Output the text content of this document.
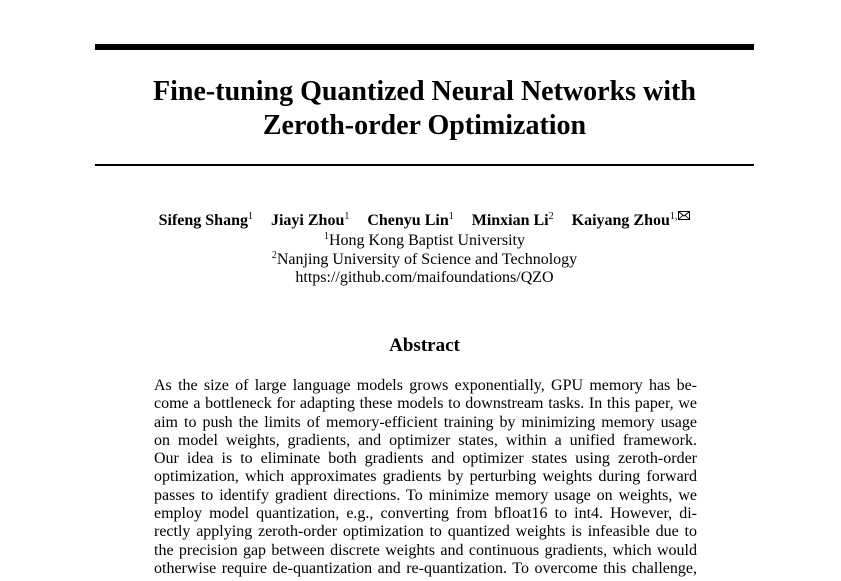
Fine-tuning Quantized Neural Networks with
Zeroth-order Optimization
Sifeng Shang$^1$ Jiayi Zhou$^1$ Chenyu Lin$^1$ Minxian Li$^2$ Kaiyang Zhou$^{1,}$
$^1$Hong Kong Baptist University
$^2$Nanjing University of Science and Technology
https://github.com/maifoundations/QZO
Abstract
As the size of large language models grows exponentially, GPU memory has be-
come a bottleneck for adapting these models to downstream tasks. In this paper, we
aim to push the limits of memory-efficient training by minimizing memory usage
on model weights, gradients, and optimizer states, within a unified framework.
Our idea is to eliminate both gradients and optimizer states using zeroth-order
optimization, which approximates gradients by perturbing weights during forward
passes to identify gradient directions. To minimize memory usage on weights, we
employ model quantization, e.g., converting from bfloat16 to int4. However, di-
rectly applying zeroth-order optimization to quantized weights is infeasible due to
the precision gap between discrete weights and continuous gradients, which would
otherwise require de-quantization and re-quantization. To overcome this challenge,
